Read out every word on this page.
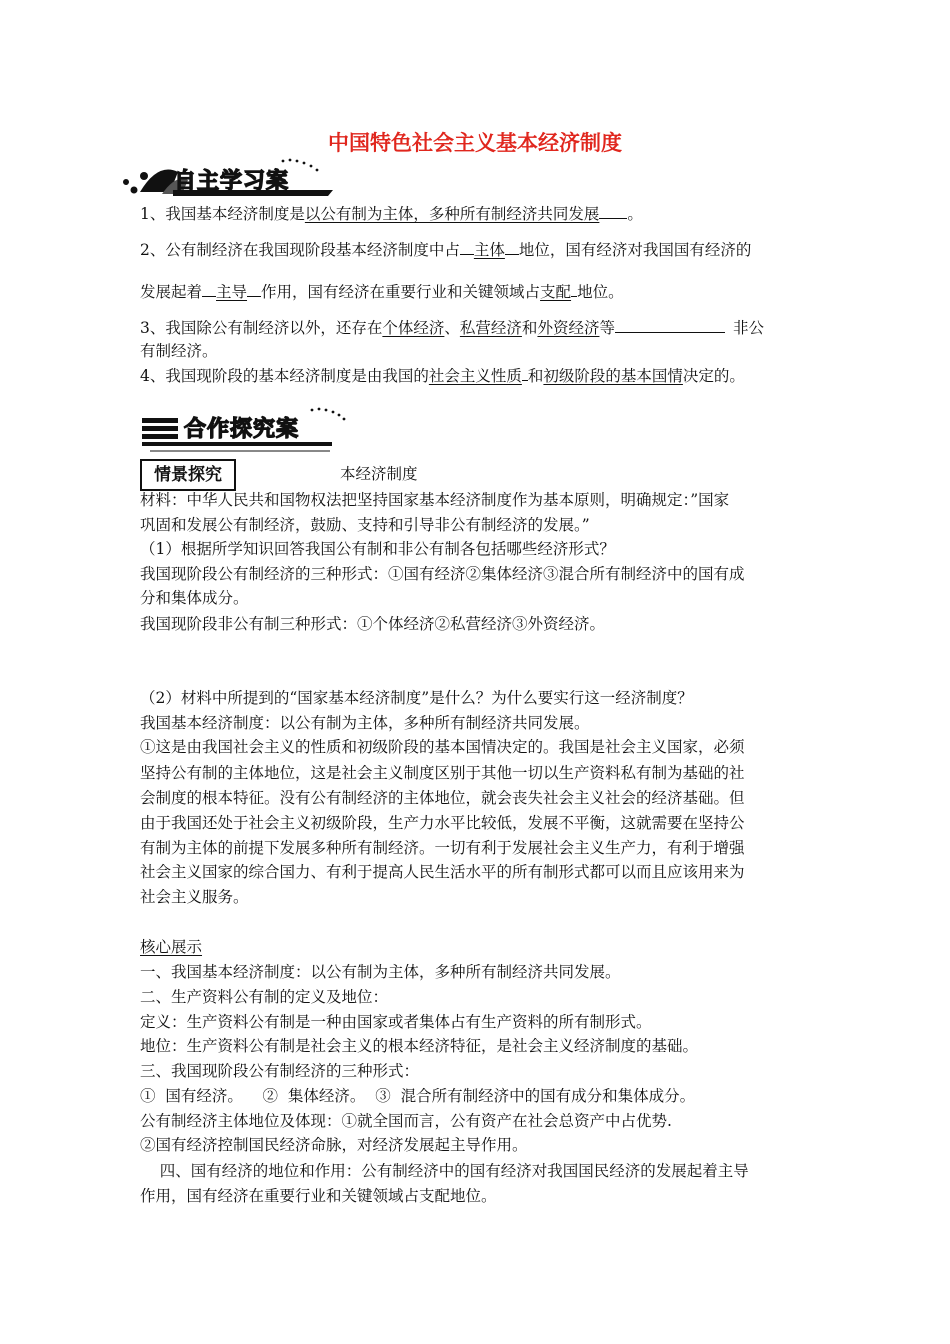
中国特色社会主义基本经济制度
自主学习案
1、我国基本经济制度是以公有制为主体，多种所有制经济共同发展 。
2、公有制经济在我国现阶段基本经济制度中占 主体 地位，国有经济对我国国有经济的
发展起着 主导 作用，国有经济在重要行业和关键领域占支配 地位。
3、我国除公有制经济以外，还存在个体经济、私营经济和外资经济等	非公
有制经济。
4、我国现阶段的基本经济制度是由我国的社会主义性质 和初级阶段的基本国情决定的。
合作探究案
本经济制度
情景探究
材料：中华人民共和国物权法把坚持国家基本经济制度作为基本原则，明确规定：”国家
巩固和发展公有制经济，鼓励、支持和引导非公有制经济的发展。”
（1）根据所学知识回答我国公有制和非公有制各包括哪些经济形式？
我国现阶段公有制经济的三种形式：①国有经济②集体经济③混合所有制经济中的国有成
分和集体成分。
我国现阶段非公有制三种形式：①个体经济②私营经济③外资经济。
（2）材料中所提到的“国家基本经济制度”是什么？为什么要实行这一经济制度？
我国基本经济制度：以公有制为主体，多种所有制经济共同发展。
①这是由我国社会主义的性质和初级阶段的基本国情决定的。我国是社会主义国家，必须
坚持公有制的主体地位，这是社会主义制度区别于其他一切以生产资料私有制为基础的社
会制度的根本特征。没有公有制经济的主体地位，就会丧失社会主义社会的经济基础。但
由于我国还处于社会主义初级阶段，生产力水平比较低，发展不平衡，这就需要在坚持公
有制为主体的前提下发展多种所有制经济。一切有利于发展社会主义生产力，有利于增强
社会主义国家的综合国力、有利于提高人民生活水平的所有制形式都可以而且应该用来为
社会主义服务。
核心展示
一、我国基本经济制度：以公有制为主体，多种所有制经济共同发展。
二、生产资料公有制的定义及地位：
定义：生产资料公有制是一种由国家或者集体占有生产资料的所有制形式。
地位：生产资料公有制是社会主义的根本经济特征，是社会主义经济制度的基础。
三、我国现阶段公有制经济的三种形式：
①  国有经济。    ②  集体经济。  ③  混合所有制经济中的国有成分和集体成分。
公有制经济主体地位及体现：①就全国而言，公有资产在社会总资产中占优势.
②国有经济控制国民经济命脉，对经济发展起主导作用。
四、国有经济的地位和作用：公有制经济中的国有经济对我国国民经济的发展起着主导
作用，国有经济在重要行业和关键领域占支配地位。
